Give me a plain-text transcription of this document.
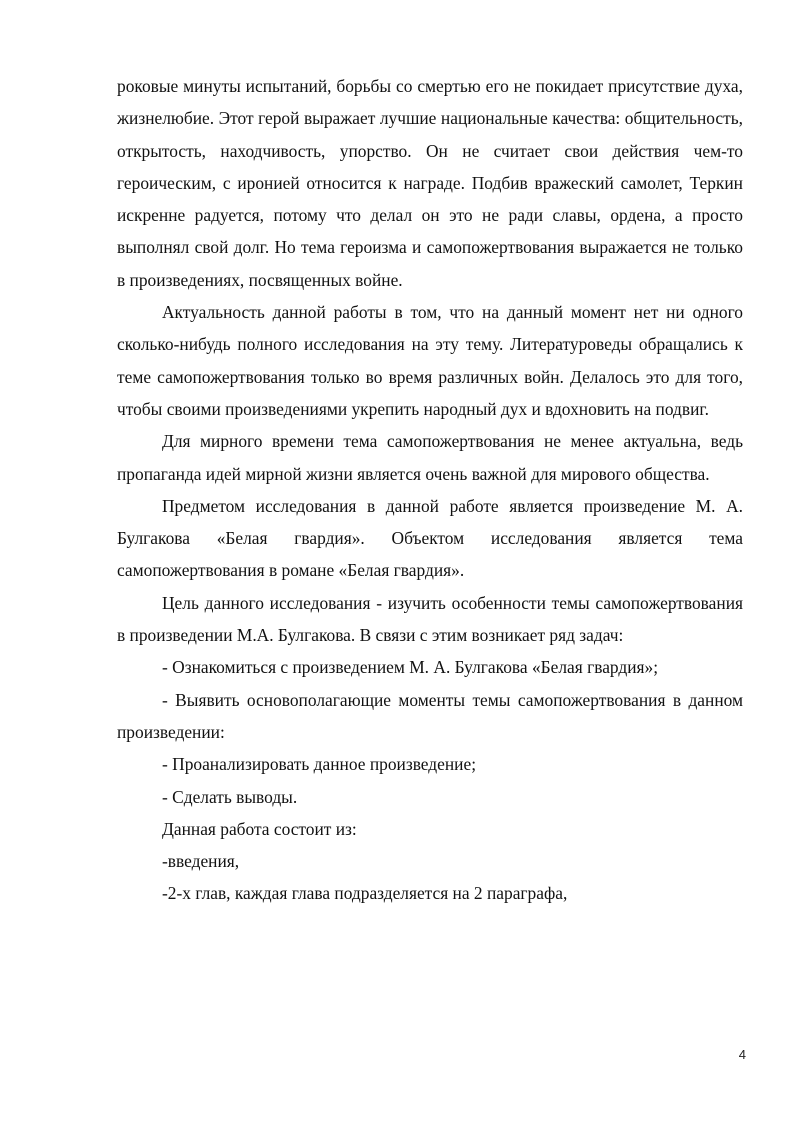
роковые минуты испытаний, борьбы со смертью его не покидает присутствие духа, жизнелюбие. Этот герой выражает лучшие национальные качества: общительность, открытость, находчивость, упорство. Он не считает свои действия чем-то героическим, с иронией относится к награде. Подбив вражеский самолет, Теркин искренне радуется, потому что делал он это не ради славы, ордена, а просто выполнял свой долг. Но тема героизма и самопожертвования выражается не только в произведениях, посвященных войне.

Актуальность данной работы в том, что на данный момент нет ни одного сколько-нибудь полного исследования на эту тему. Литературоведы обращались к теме самопожертвования только во время различных войн. Делалось это для того, чтобы своими произведениями укрепить народный дух и вдохновить на подвиг.

Для мирного времени тема самопожертвования не менее актуальна, ведь пропаганда идей мирной жизни является очень важной для мирового общества.

Предметом исследования в данной работе является произведение М. А. Булгакова «Белая гвардия». Объектом исследования является тема самопожертвования в романе «Белая гвардия».

Цель данного исследования - изучить особенности темы самопожертвования в произведении М.А. Булгакова. В связи с этим возникает ряд задач:

- Ознакомиться с произведением М. А. Булгакова «Белая гвардия»;

- Выявить основополагающие моменты темы самопожертвования в данном произведении:

- Проанализировать данное произведение;

- Сделать выводы.

Данная работа состоит из:

-введения,

-2-х глав, каждая глава подразделяется на 2 параграфа,

4
